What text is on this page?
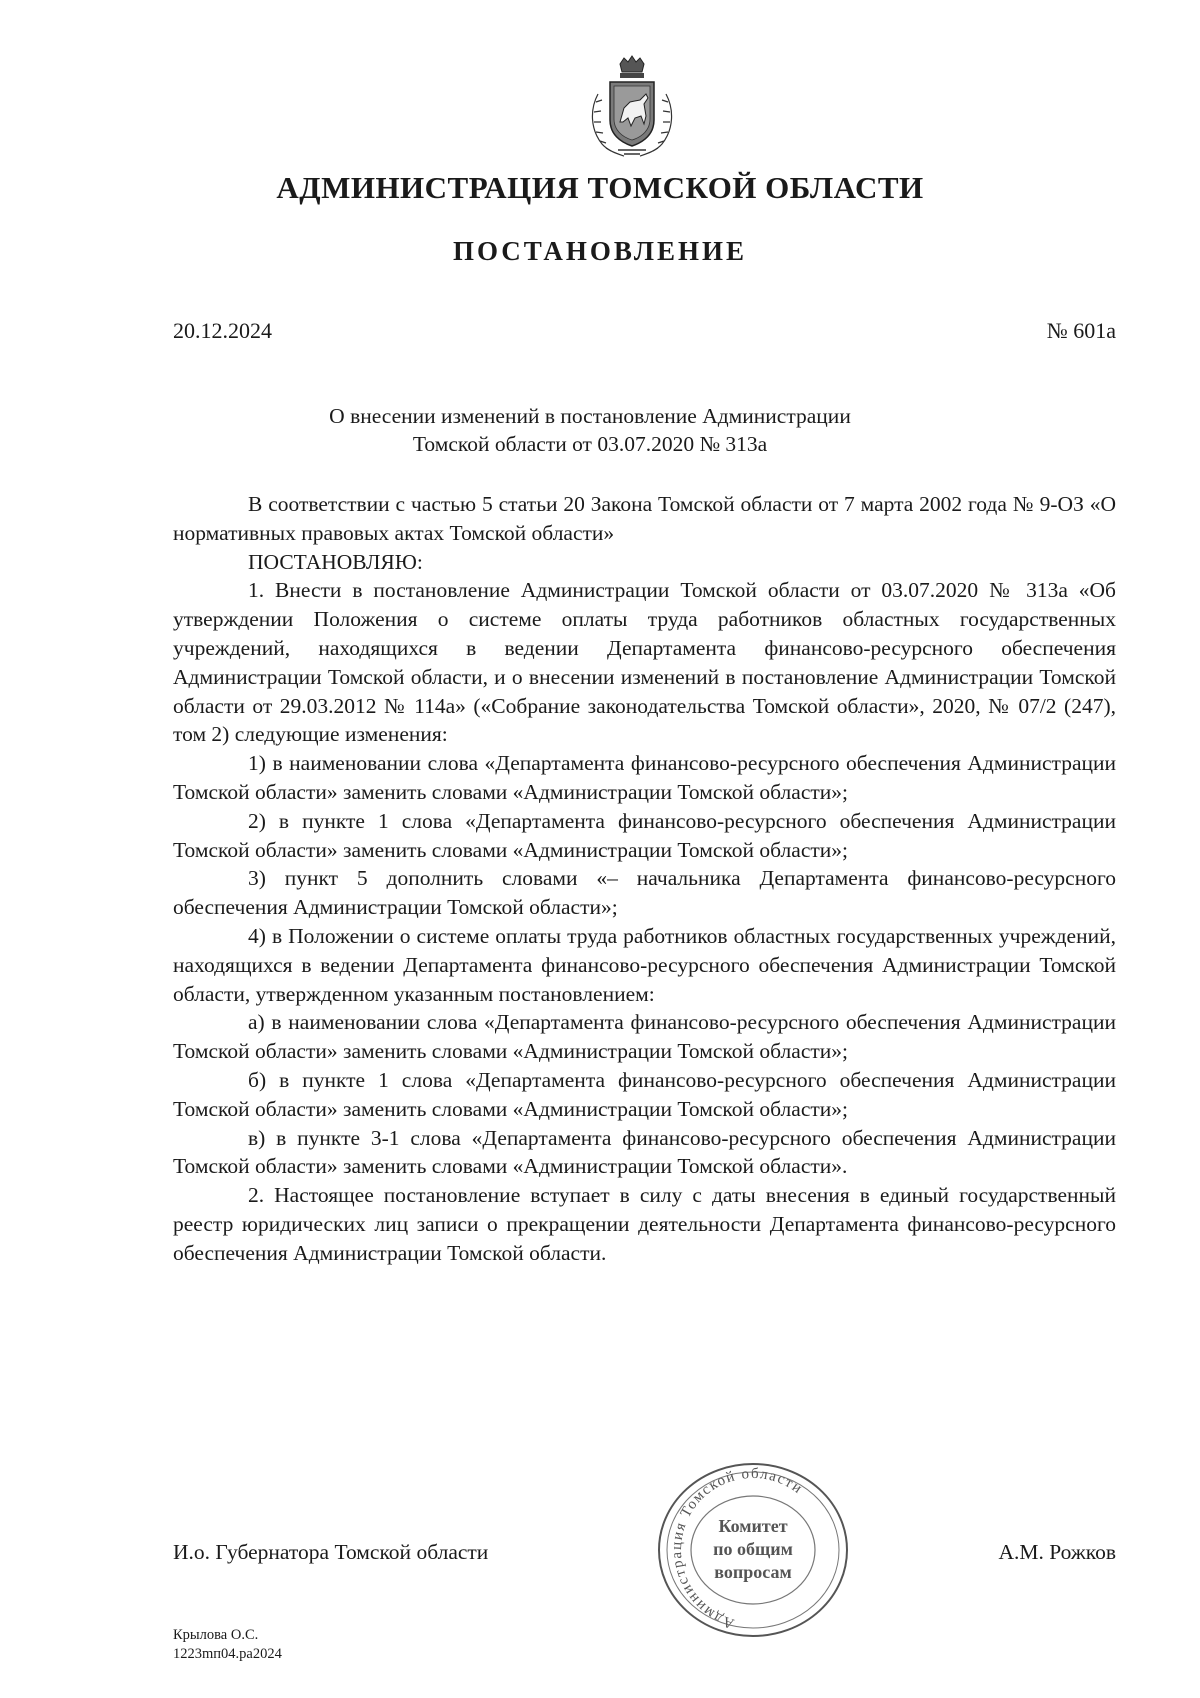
АДМИНИСТРАЦИЯ ТОМСКОЙ ОБЛАСТИ
ПОСТАНОВЛЕНИЕ
20.12.2024	№ 601а
О внесении изменений в постановление Администрации
Томской области от 03.07.2020 № 313а

В соответствии с частью 5 статьи 20 Закона Томской области от 7 марта 2002 года № 9-ОЗ «О нормативных правовых актах Томской области»

ПОСТАНОВЛЯЮ:

1. Внести в постановление Администрации Томской области от 03.07.2020 № 313а «Об утверждении Положения о системе оплаты труда работников областных государственных учреждений, находящихся в ведении Департамента финансово-ресурсного обеспечения Администрации Томской области, и о внесении изменений в постановление Администрации Томской области от 29.03.2012 № 114а» («Собрание законодательства Томской области», 2020, № 07/2 (247), том 2) следующие изменения:

1) в наименовании слова «Департамента финансово-ресурсного обеспечения Администрации Томской области» заменить словами «Администрации Томской области»;

2) в пункте 1 слова «Департамента финансово-ресурсного обеспечения Администрации Томской области» заменить словами «Администрации Томской области»;

3) пункт 5 дополнить словами «– начальника Департамента финансово-ресурсного обеспечения Администрации Томской области»;

4) в Положении о системе оплаты труда работников областных государственных учреждений, находящихся в ведении Департамента финансово-ресурсного обеспечения Администрации Томской области, утвержденном указанным постановлением:

а) в наименовании слова «Департамента финансово-ресурсного обеспечения Администрации Томской области» заменить словами «Администрации Томской области»;

б) в пункте 1 слова «Департамента финансово-ресурсного обеспечения Администрации Томской области» заменить словами «Администрации Томской области»;

в) в пункте 3-1 слова «Департамента финансово-ресурсного обеспечения Администрации Томской области» заменить словами «Администрации Томской области».

2. Настоящее постановление вступает в силу с даты внесения в единый государственный реестр юридических лиц записи о прекращении деятельности Департамента финансово-ресурсного обеспечения Администрации Томской области.

И.о. Губернатора Томской области	А.М. Рожков
Администрация Томской области
Комитет
по общим
вопросам
Крылова О.С.
1223mп04.pa2024
